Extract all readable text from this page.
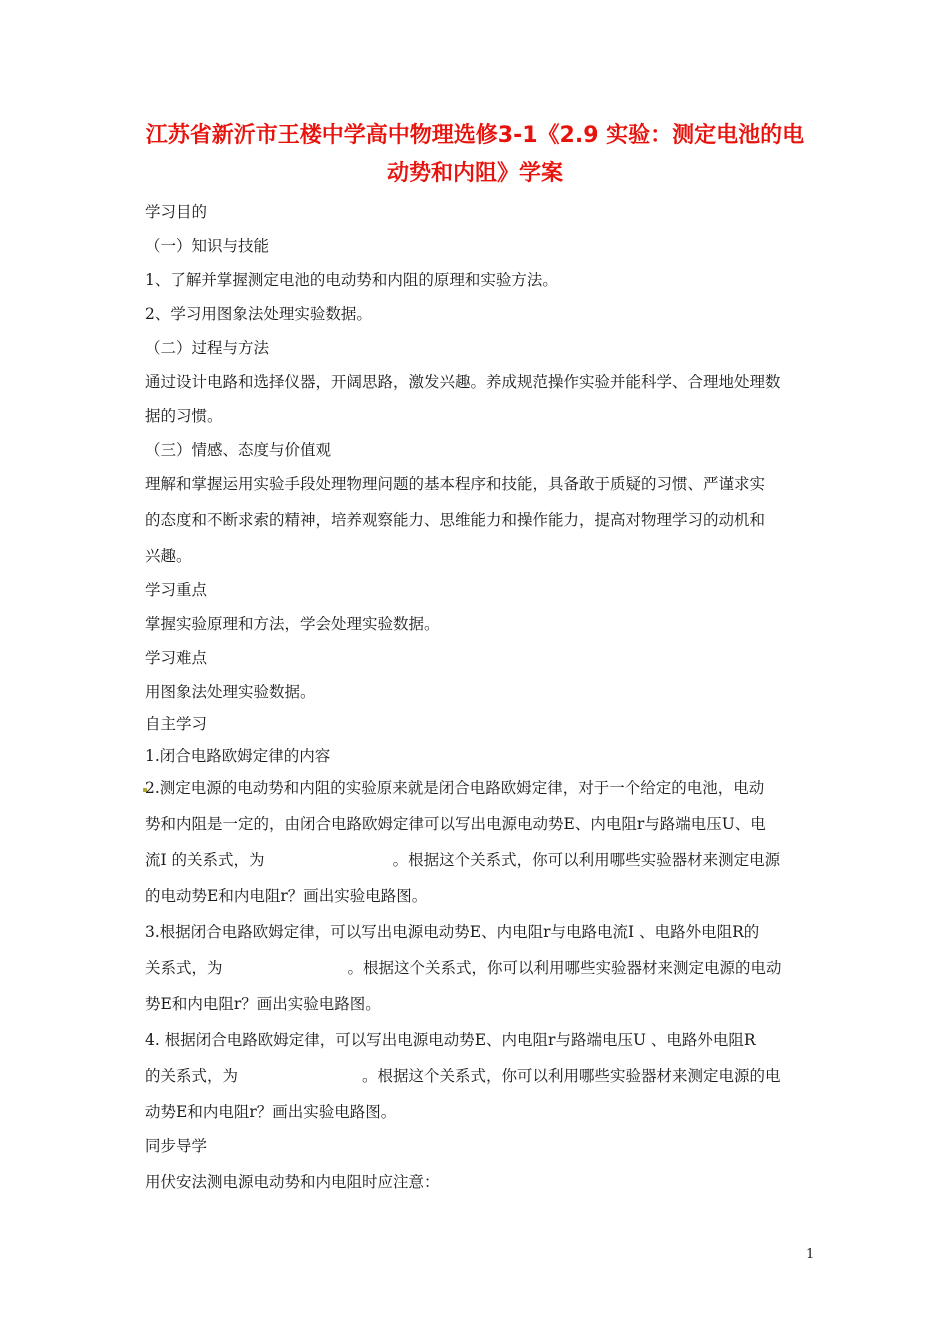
江苏省新沂市王楼中学高中物理选修3-1《2.9 实验：测定电池的电
动势和内阻》学案
学习目的
（一）知识与技能
1、了解并掌握测定电池的电动势和内阻的原理和实验方法。
2、学习用图象法处理实验数据。
（二）过程与方法
通过设计电路和选择仪器，开阔思路，激发兴趣。养成规范操作实验并能科学、合理地处理数
据的习惯。
（三）情感、态度与价值观
理解和掌握运用实验手段处理物理问题的基本程序和技能，具备敢于质疑的习惯、严谨求实
的态度和不断求索的精神，培养观察能力、思维能力和操作能力，提高对物理学习的动机和
兴趣。
学习重点
掌握实验原理和方法，学会处理实验数据。
学习难点
用图象法处理实验数据。
自主学习
1.闭合电路欧姆定律的内容
2.测定电源的电动势和内阻的实验原来就是闭合电路欧姆定律，对于一个给定的电池，电动
势和内阻是一定的，由闭合电路欧姆定律可以写出电源电动势E、内电阻r与路端电压U、电
流I 的关系式，为	。根据这个关系式，你可以利用哪些实验器材来测定电源
的电动势E和内电阻r？画出实验电路图。
3.根据闭合电路欧姆定律，可以写出电源电动势E、内电阻r与电路电流I 、电路外电阻R的
关系式，为	。根据这个关系式，你可以利用哪些实验器材来测定电源的电动
势E和内电阻r？画出实验电路图。
4. 根据闭合电路欧姆定律，可以写出电源电动势E、内电阻r与路端电压U 、电路外电阻R
的关系式，为	。根据这个关系式，你可以利用哪些实验器材来测定电源的电
动势E和内电阻r？画出实验电路图。
同步导学
用伏安法测电源电动势和内电阻时应注意：
1
